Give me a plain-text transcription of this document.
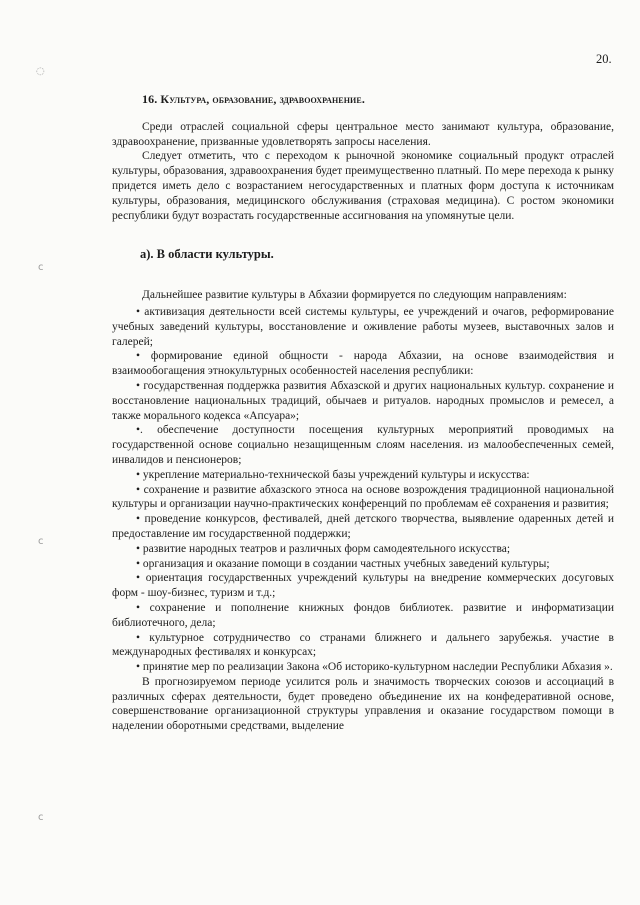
20.
◌
ⅽ
ⅽ
ⅽ

16. Культура, образование, здравоохранение.

Среди отраслей социальной сферы центральное место занимают культура, образование, здравоохранение, призванные удовлетворять запросы населения.

Следует отметить, что с переходом к рыночной экономике социальный продукт отраслей культуры, образования, здравоохранения будет преимущественно платный. По мере перехода к рынку придется иметь дело с возрастанием негосударственных и платных форм доступа к источникам культуры, образования, медицинского обслуживания (страховая медицина). С ростом экономики республики будут возрастать государственные ассигнования на упомянутые цели.

а). В области культуры.

Дальнейшее развитие культуры в Абхазии формируется по следующим направлениям:

• активизация деятельности всей системы культуры, ее учреждений и очагов, реформирование учебных заведений культуры, восстановление и оживление работы музеев, выставочных залов и галерей;

• формирование единой общности - народа Абхазии, на основе взаимодействия и взаимообогащения этнокультурных особенностей населения республики:

• государственная поддержка развития Абхазской и других национальных культур. сохранение и восстановление национальных традиций, обычаев и ритуалов. народных промыслов и ремесел, а также морального кодекса «Апсуара»;

•. обеспечение доступности посещения культурных мероприятий проводимых на государственной основе социально незащищенным слоям населения. из малообеспеченных семей, инвалидов и пенсионеров;

• укрепление материально-технической базы учреждений культуры и искусства:

• сохранение и развитие абхазского этноса на основе возрождения традиционной национальной культуры и организации научно-практических конференций по проблемам её сохранения и развития;

• проведение конкурсов, фестивалей, дней детского творчества, выявление одаренных детей и предоставление им государственной поддержки;

• развитие народных театров и различных форм самодеятельного искусства;

• организация и оказание помощи в создании частных учебных заведений культуры;

• ориентация государственных учреждений культуры на внедрение коммерческих досуговых форм - шоу-бизнес, туризм и т.д.;

• сохранение и пополнение книжных фондов библиотек. развитие и информатизации библиотечного, дела;

• культурное сотрудничество со странами ближнего и дальнего зарубежья. участие в международных фестивалях и конкурсах;

• принятие мер по реализации Закона «Об историко-культурном наследии Республики Абхазия ».

В прогнозируемом периоде усилится роль и значимость творческих союзов и ассоциаций в различных сферах деятельности, будет проведено объединение их на конфедеративной основе, совершенствование организационной структуры управления и оказание государством помощи в наделении оборотными средствами, выделение
